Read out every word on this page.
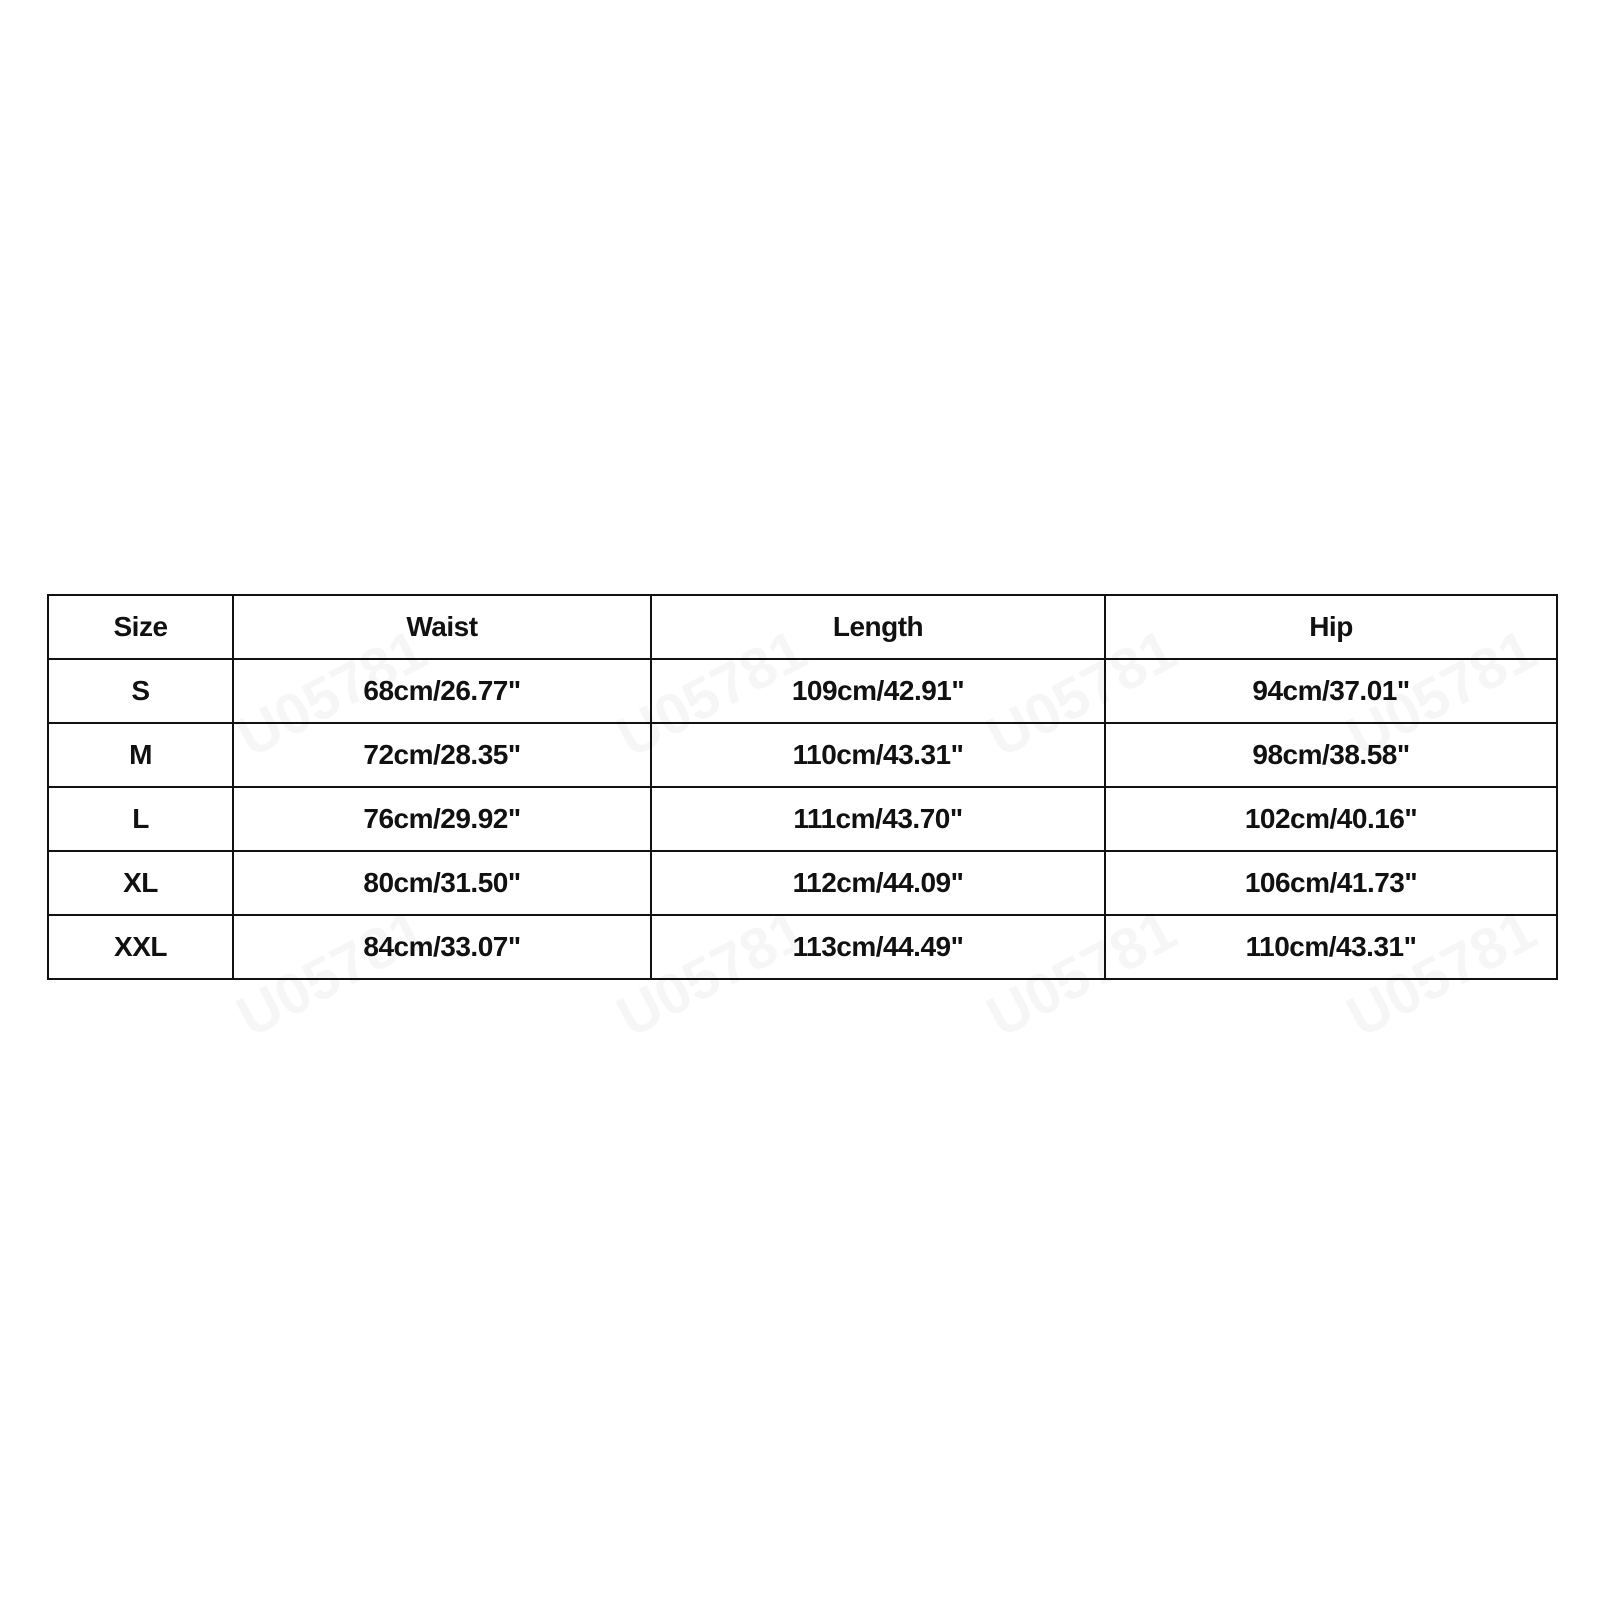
Size	Waist	Length	Hip
S	68cm/26.77"	109cm/42.91"	94cm/37.01"
M	72cm/28.35"	110cm/43.31"	98cm/38.58"
L	76cm/29.92"	111cm/43.70"	102cm/40.16"
XL	80cm/31.50"	112cm/44.09"	106cm/41.73"
XXL	84cm/33.07"	113cm/44.49"	110cm/43.31"
